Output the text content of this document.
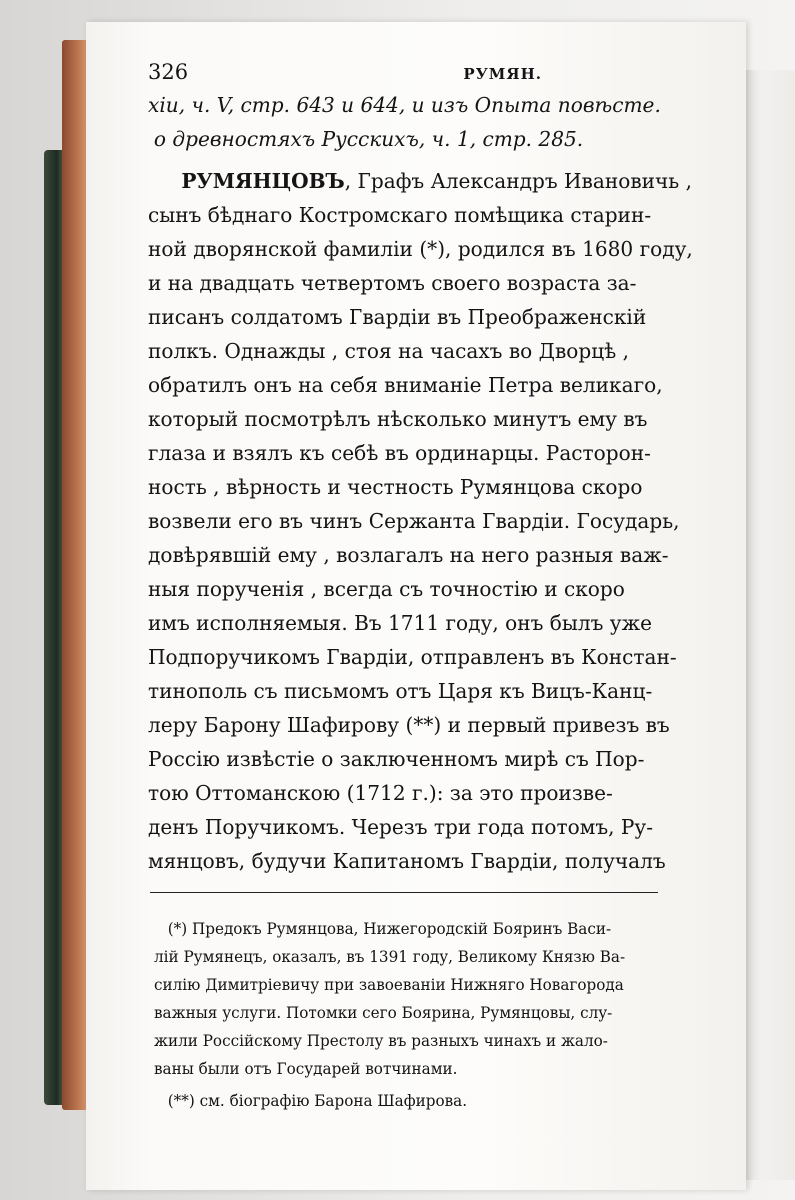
326	РУМЯН.
xiu, ч. V, стр. 643 и 644, и изъ Опыта повѣсте.
о древностяхъ Русскихъ, ч. 1, стр. 285.
РУМЯНЦОВЪ, Графъ Александръ Ивановичь ,
сынъ бѣднаго Костромскаго помѣщика старин-
ной дворянской фамилiи (*), родился въ 1680 году,
и на двадцать четвертомъ своего возраста за-
писанъ солдатомъ Гвардiи въ Преображенскiй
полкъ. Однажды , стоя на часахъ во Дворцѣ ,
обратилъ онъ на себя вниманiе Петра великаго,
который посмотрѣлъ нѣсколько минутъ ему въ
глаза и взялъ къ себѣ въ ординарцы. Расторон-
ность , вѣрность и честность Румянцова скоро
возвели его въ чинъ Сержанта Гвардiи. Государь,
довѣрявшiй ему , возлагалъ на него разныя важ-
ныя порученiя , всегда съ точностiю и скоро
имъ исполняемыя. Въ 1711 году, онъ былъ уже
Подпоручикомъ Гвардiи, отправленъ въ Констан-
тинополь съ письмомъ отъ Царя къ Вицъ-Канц-
леру Барону Шафирову (**) и первый привезъ въ
Россiю извѣстiе о заключенномъ мирѣ съ Пор-
тою Оттоманскою (1712 г.): за это произве-
денъ Поручикомъ. Черезъ три года потомъ, Ру-
мянцовъ, будучи Капитаномъ Гвардiи, получалъ
(*) Предокъ Румянцова, Нижегородскiй Бояринъ Васи-
лiй Румянецъ, оказалъ, въ 1391 году, Великому Князю Ва-
силiю Димитрiевичу при завоеванiи Нижняго Новагорода
важныя услуги. Потомки сего Боярина, Румянцовы, слу-
жили Россiйскому Престолу въ разныхъ чинахъ и жало-
ваны были отъ Государей вотчинами.
(**) см. бiографiю Барона Шафирова.
